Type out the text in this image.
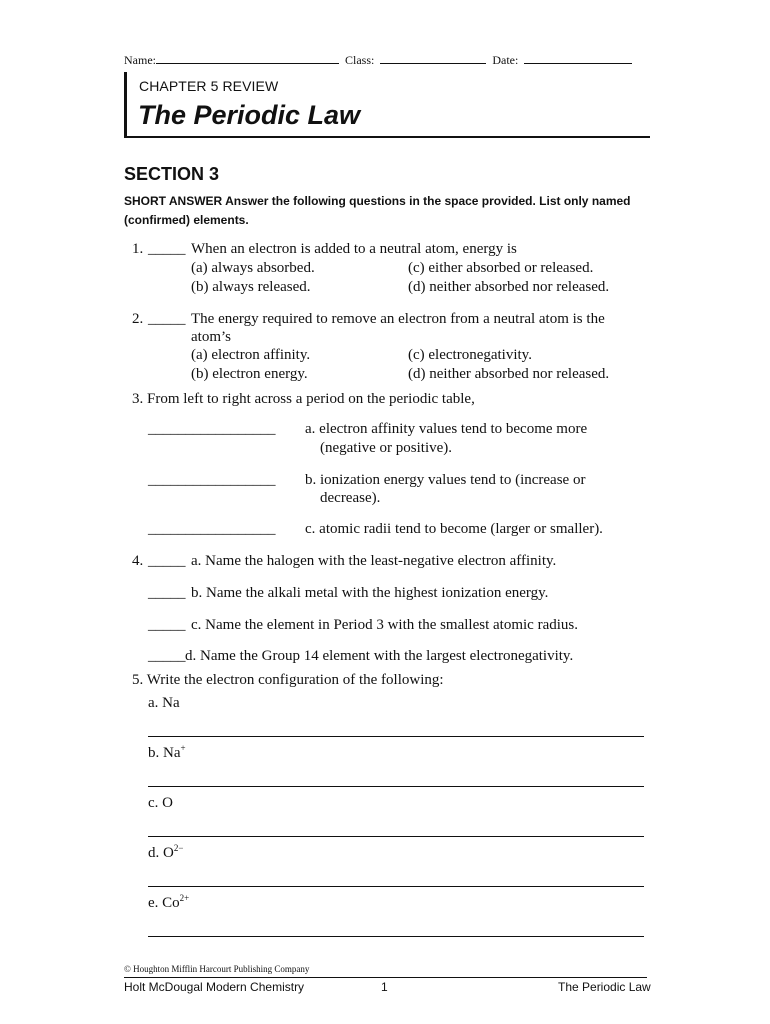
Name:	Class:	Date:
CHAPTER 5 REVIEW
The Periodic Law
SECTION 3
SHORT ANSWER Answer the following questions in the space provided. List only named (confirmed) elements.
1. _____ When an electron is added to a neutral atom, energy is
(a) always absorbed.
(b) always released.
(c) either absorbed or released.
(d) neither absorbed nor released.
2. _____ The energy required to remove an electron from a neutral atom is the
atom’s
(a) electron affinity.
(b) electron energy.
(c) electronegativity.
(d) neither absorbed nor released.
3. From left to right across a period on the periodic table,
_________________ a. electron affinity values tend to become more
(negative or positive).
_________________ b. ionization energy values tend to (increase or
decrease).
_________________ c. atomic radii tend to become (larger or smaller).
4. _____ a. Name the halogen with the least-negative electron affinity.
_____ b. Name the alkali metal with the highest ionization energy.
_____ c. Name the element in Period 3 with the smallest atomic radius.
_____ d. Name the Group 14 element with the largest electronegativity.
5. Write the electron configuration of the following:
a. Na
b. Na+
c. O
d. $O^{2-}$
e. $Co^{2+}$
© Houghton Mifflin Harcourt Publishing Company
Holt McDougal Modern Chemistry	1	The Periodic Law
